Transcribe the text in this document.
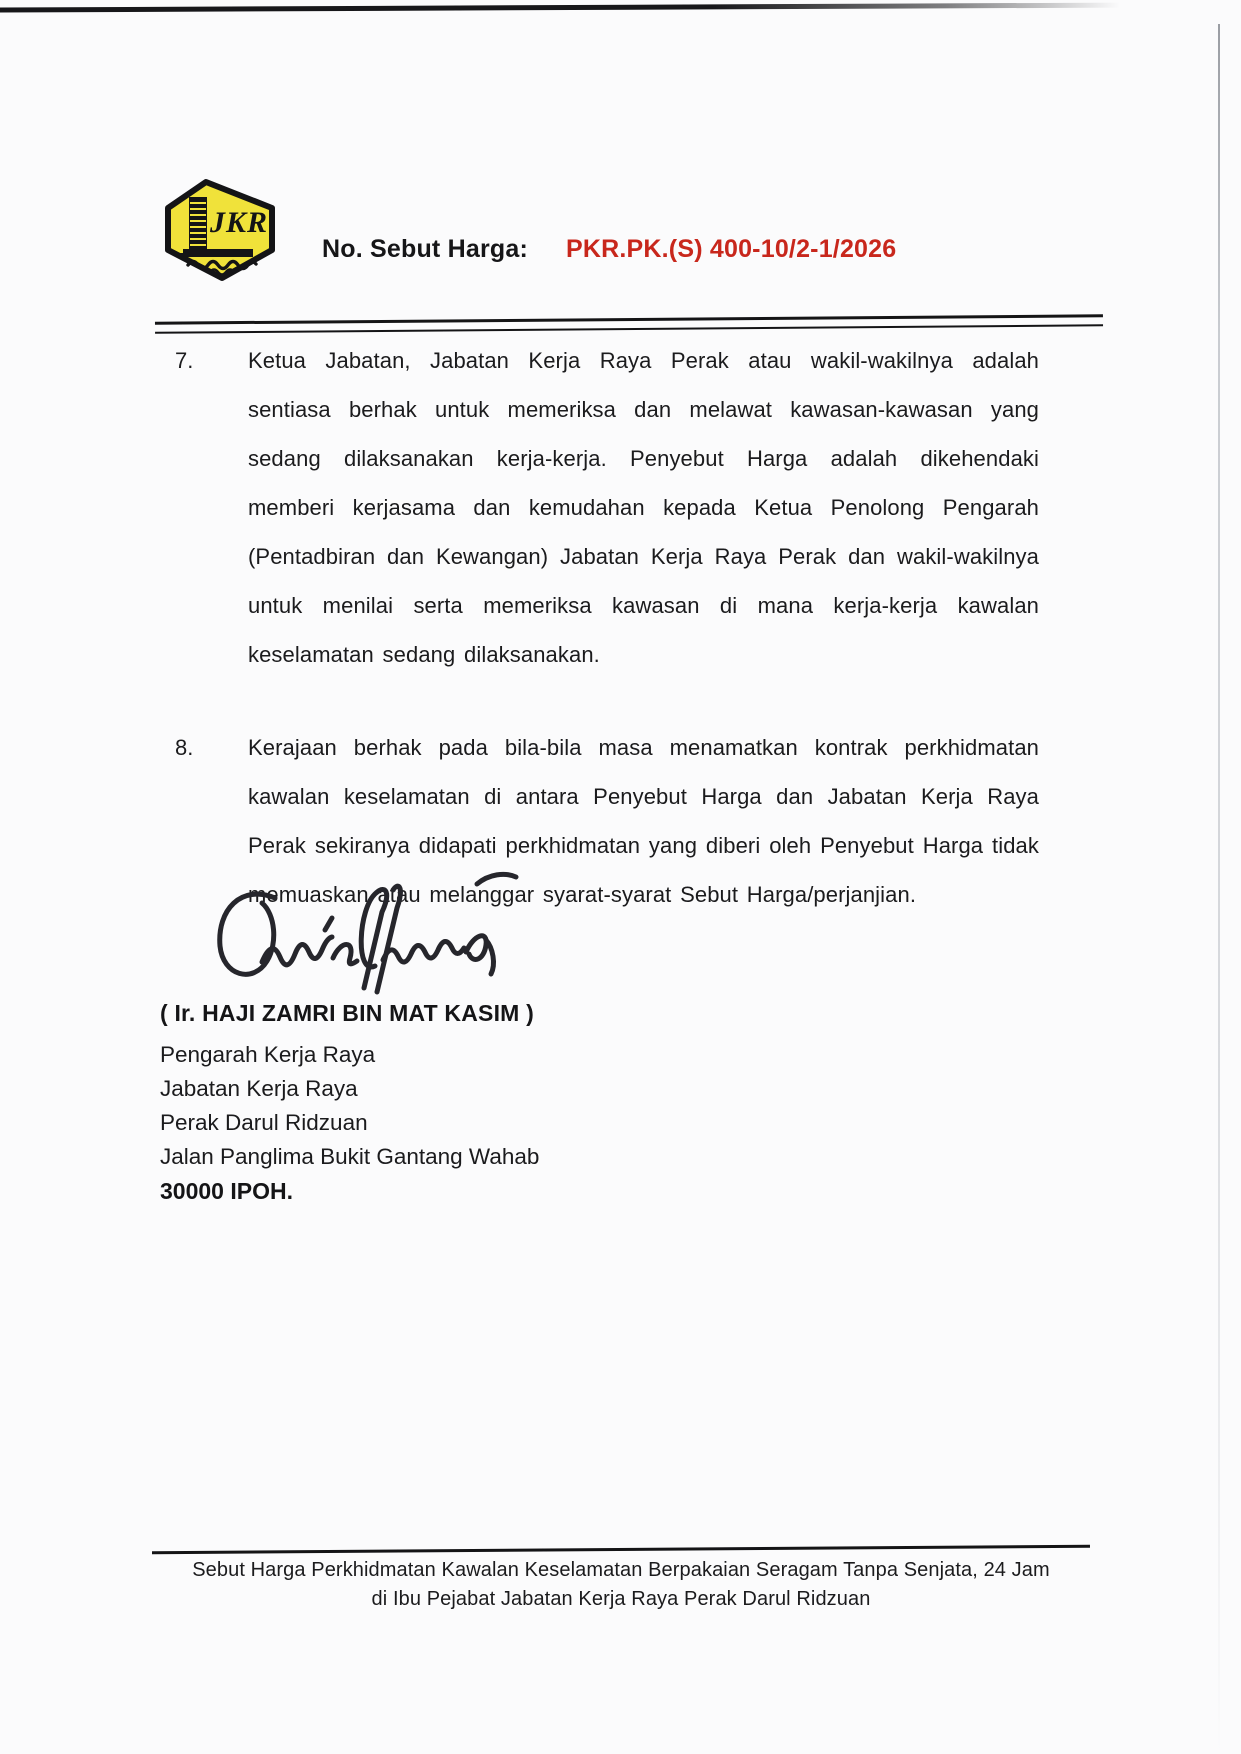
JKR
No. Sebut Harga: PKR.PK.(S) 400-10/2-1/2026
7. Ketua Jabatan, Jabatan Kerja Raya Perak atau wakil-wakilnya adalah sentiasa berhak untuk memeriksa dan melawat kawasan-kawasan yang sedang dilaksanakan kerja-kerja. Penyebut Harga adalah dikehendaki memberi kerjasama dan kemudahan kepada Ketua Penolong Pengarah (Pentadbiran dan Kewangan) Jabatan Kerja Raya Perak dan wakil-wakilnya untuk menilai serta memeriksa kawasan di mana kerja-kerja kawalan keselamatan sedang dilaksanakan.
8. Kerajaan berhak pada bila-bila masa menamatkan kontrak perkhidmatan kawalan keselamatan di antara Penyebut Harga dan Jabatan Kerja Raya Perak sekiranya didapati perkhidmatan yang diberi oleh Penyebut Harga tidak memuaskan atau melanggar syarat-syarat Sebut Harga/perjanjian.
( Ir. HAJI ZAMRI BIN MAT KASIM )
Pengarah Kerja Raya
Jabatan Kerja Raya
Perak Darul Ridzuan
Jalan Panglima Bukit Gantang Wahab
30000 IPOH.
Sebut Harga Perkhidmatan Kawalan Keselamatan Berpakaian Seragam Tanpa Senjata, 24 Jam
di Ibu Pejabat Jabatan Kerja Raya Perak Darul Ridzuan
